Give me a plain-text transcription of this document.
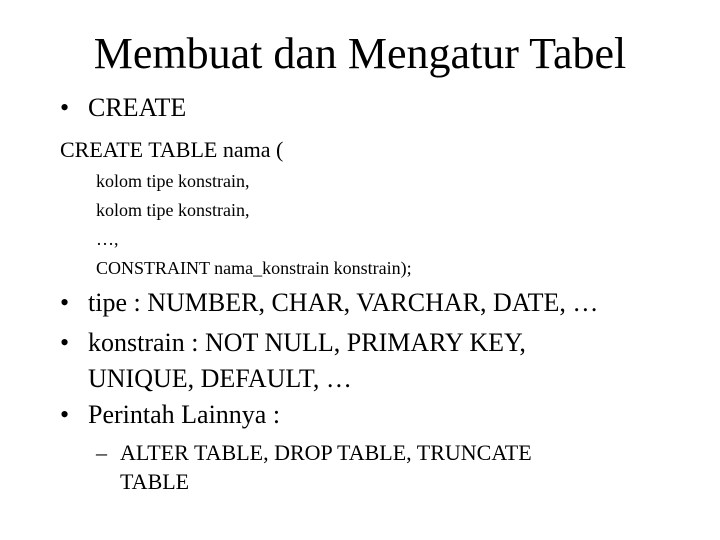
Membuat dan Mengatur Tabel
• CREATE
CREATE TABLE nama (
kolom tipe konstrain,
kolom tipe konstrain,
…,
CONSTRAINT nama_konstrain konstrain);
• tipe : NUMBER, CHAR, VARCHAR, DATE, …
• konstrain : NOT NULL, PRIMARY KEY,
UNIQUE, DEFAULT, …
• Perintah Lainnya :
– ALTER TABLE, DROP TABLE, TRUNCATE
TABLE
